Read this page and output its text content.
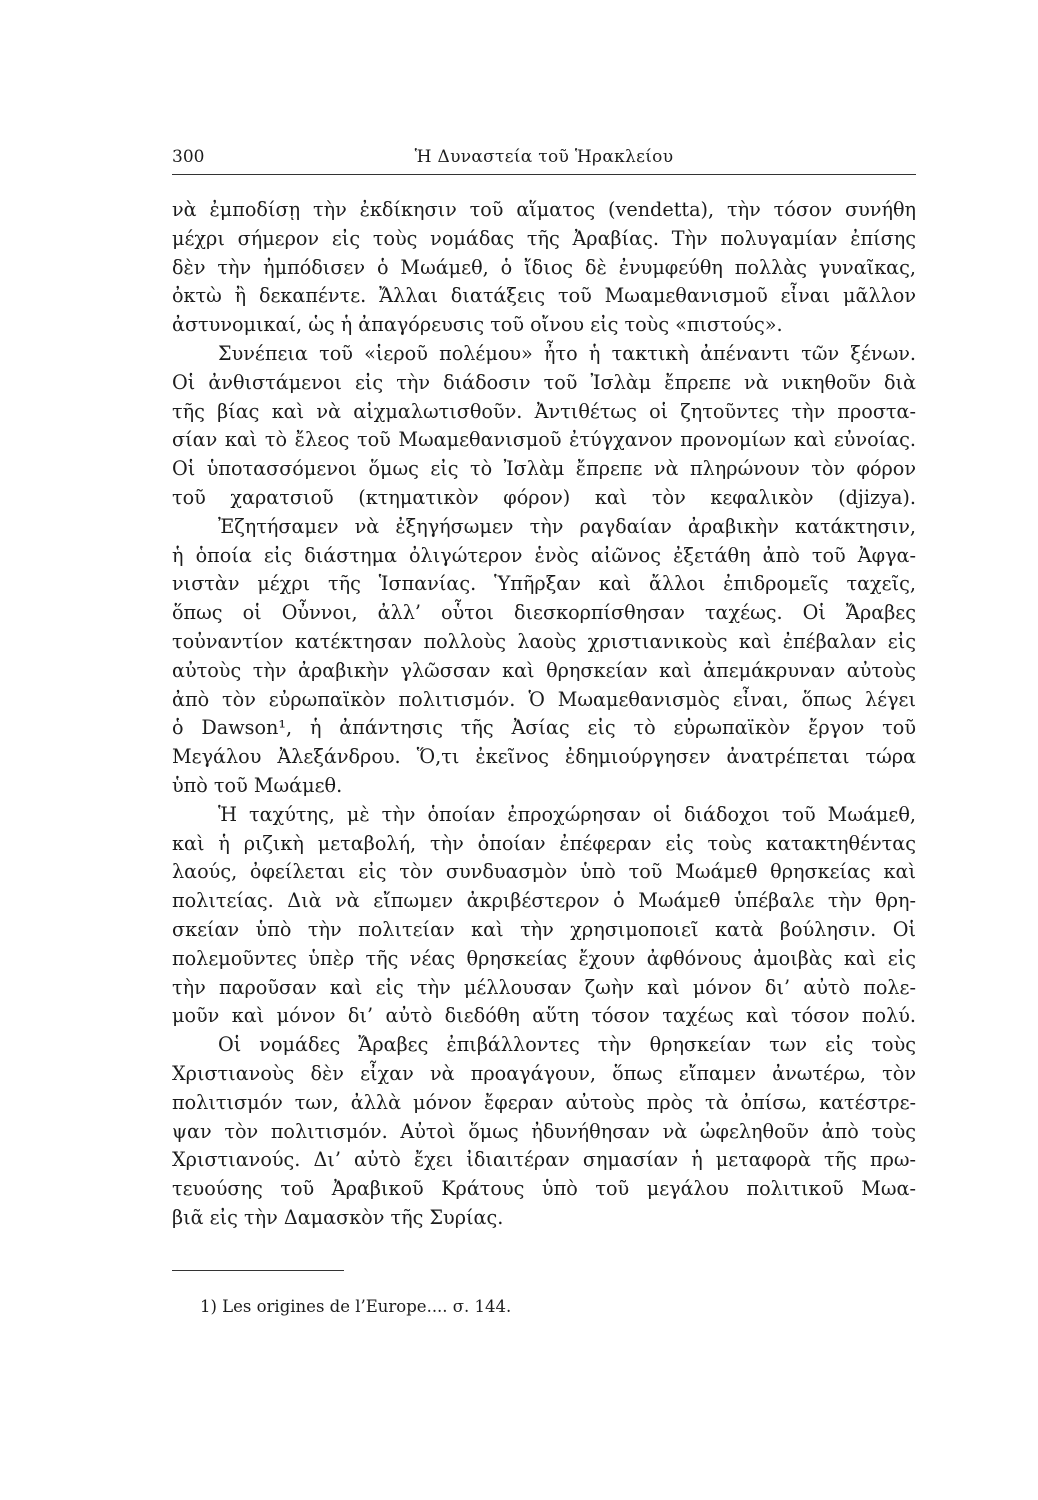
300	Ἡ Δυναστεία τοῦ Ἡρακλείου
νὰ ἐμποδίσῃ τὴν ἐκδίκησιν τοῦ αἵματος (vendetta), τὴν τόσον συνήθη
μέχρι σήμερον εἰς τοὺς νομάδας τῆς Ἀραβίας. Τὴν πολυγαμίαν ἐπίσης
δὲν τὴν ἠμπόδισεν ὁ Μωάμεθ, ὁ ἴδιος δὲ ἐνυμφεύθη πολλὰς γυναῖκας,
ὀκτὼ ἢ δεκαπέντε. Ἄλλαι διατάξεις τοῦ Μωαμεθανισμοῦ εἶναι μᾶλλον
ἀστυνομικαί, ὡς ἡ ἀπαγόρευσις τοῦ οἴνου εἰς τοὺς «πιστούς».
Συνέπεια τοῦ «ἱεροῦ πολέμου» ἦτο ἡ τακτικὴ ἀπέναντι τῶν ξένων.
Οἱ ἀνθιστάμενοι εἰς τὴν διάδοσιν τοῦ Ἰσλὰμ ἔπρεπε νὰ νικηθοῦν διὰ
τῆς βίας καὶ νὰ αἰχμαλωτισθοῦν. Ἀντιθέτως οἱ ζητοῦντες τὴν προστα-
σίαν καὶ τὸ ἔλεος τοῦ Μωαμεθανισμοῦ ἐτύγχανον προνομίων καὶ εὐνοίας.
Οἱ ὑποτασσόμενοι ὅμως εἰς τὸ Ἰσλὰμ ἔπρεπε νὰ πληρώνουν τὸν φόρον
τοῦ χαρατσιοῦ (κτηματικὸν φόρον) καὶ τὸν κεφαλικὸν (djizya).
Ἐζητήσαμεν νὰ ἐξηγήσωμεν τὴν ραγδαίαν ἀραβικὴν κατάκτησιν,
ἡ ὁποία εἰς διάστημα ὀλιγώτερον ἑνὸς αἰῶνος ἐξετάθη ἀπὸ τοῦ Ἀφγα-
νιστὰν μέχρι τῆς Ἱσπανίας. Ὑπῆρξαν καὶ ἄλλοι ἐπιδρομεῖς ταχεῖς,
ὅπως οἱ Οὖννοι, ἀλλ’ οὗτοι διεσκορπίσθησαν ταχέως. Οἱ Ἄραβες
τοὐναντίον κατέκτησαν πολλοὺς λαοὺς χριστιανικοὺς καὶ ἐπέβαλαν εἰς
αὐτοὺς τὴν ἀραβικὴν γλῶσσαν καὶ θρησκείαν καὶ ἀπεμάκρυναν αὐτοὺς
ἀπὸ τὸν εὐρωπαϊκὸν πολιτισμόν. Ὁ Μωαμεθανισμὸς εἶναι, ὅπως λέγει
ὁ Dawson¹, ἡ ἀπάντησις τῆς Ἀσίας εἰς τὸ εὐρωπαϊκὸν ἔργον τοῦ
Μεγάλου Ἀλεξάνδρου. Ὅ,τι ἐκεῖνος ἐδημιούργησεν ἀνατρέπεται τώρα
ὑπὸ τοῦ Μωάμεθ.
Ἡ ταχύτης, μὲ τὴν ὁποίαν ἐπροχώρησαν οἱ διάδοχοι τοῦ Μωάμεθ,
καὶ ἡ ριζικὴ μεταβολή, τὴν ὁποίαν ἐπέφεραν εἰς τοὺς κατακτηθέντας
λαούς, ὀφείλεται εἰς τὸν συνδυασμὸν ὑπὸ τοῦ Μωάμεθ θρησκείας καὶ
πολιτείας. Διὰ νὰ εἴπωμεν ἀκριβέστερον ὁ Μωάμεθ ὑπέβαλε τὴν θρη-
σκείαν ὑπὸ τὴν πολιτείαν καὶ τὴν χρησιμοποιεῖ κατὰ βούλησιν. Οἱ
πολεμοῦντες ὑπὲρ τῆς νέας θρησκείας ἔχουν ἀφθόνους ἀμοιβὰς καὶ εἰς
τὴν παροῦσαν καὶ εἰς τὴν μέλλουσαν ζωὴν καὶ μόνον δι’ αὐτὸ πολε-
μοῦν καὶ μόνον δι’ αὐτὸ διεδόθη αὕτη τόσον ταχέως καὶ τόσον πολύ.
Οἱ νομάδες Ἄραβες ἐπιβάλλοντες τὴν θρησκείαν των εἰς τοὺς
Χριστιανοὺς δὲν εἶχαν νὰ προαγάγουν, ὅπως εἴπαμεν ἀνωτέρω, τὸν
πολιτισμόν των, ἀλλὰ μόνον ἔφεραν αὐτοὺς πρὸς τὰ ὀπίσω, κατέστρε-
ψαν τὸν πολιτισμόν. Αὐτοὶ ὅμως ἠδυνήθησαν νὰ ὠφεληθοῦν ἀπὸ τοὺς
Χριστιανούς. Δι’ αὐτὸ ἔχει ἰδιαιτέραν σημασίαν ἡ μεταφορὰ τῆς πρω-
τευούσης τοῦ Ἀραβικοῦ Κράτους ὑπὸ τοῦ μεγάλου πολιτικοῦ Μωα-
βιᾶ εἰς τὴν Δαμασκὸν τῆς Συρίας.
1) Les origines de l’Europe.... σ. 144.
